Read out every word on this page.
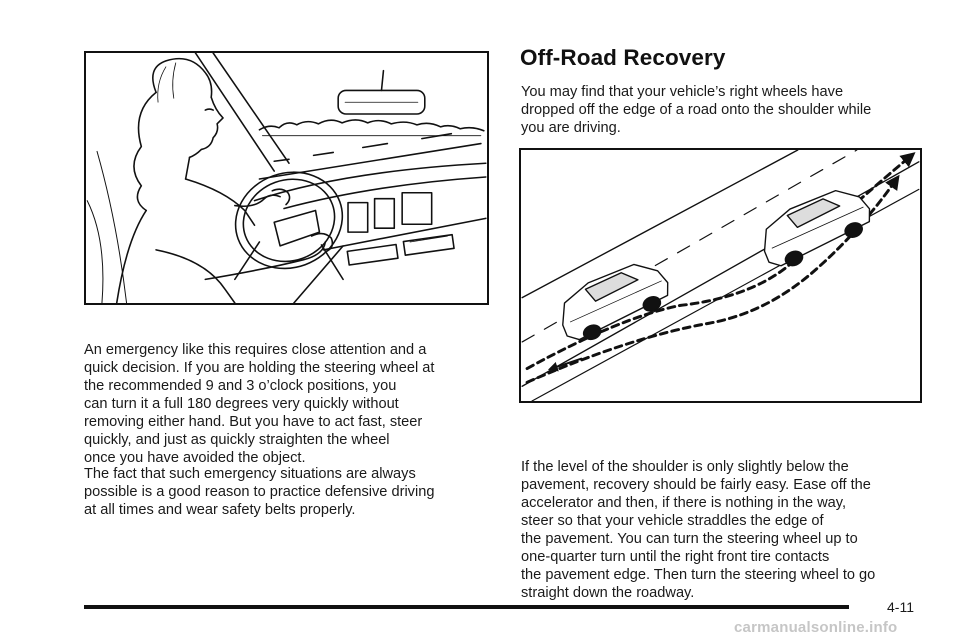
An emergency like this requires close attention and a
quick decision. If you are holding the steering wheel at
the recommended 9 and 3 o’clock positions, you
can turn it a full 180 degrees very quickly without
removing either hand. But you have to act fast, steer
quickly, and just as quickly straighten the wheel
once you have avoided the object.

The fact that such emergency situations are always
possible is a good reason to practice defensive driving
at all times and wear safety belts properly.

Off-Road Recovery

You may find that your vehicle’s right wheels have
dropped off the edge of a road onto the shoulder while
you are driving.

If the level of the shoulder is only slightly below the
pavement, recovery should be fairly easy. Ease off the
accelerator and then, if there is nothing in the way,
steer so that your vehicle straddles the edge of
the pavement. You can turn the steering wheel up to
one-quarter turn until the right front tire contacts
the pavement edge. Then turn the steering wheel to go
straight down the roadway.

4-11
carmanualsonline.info
